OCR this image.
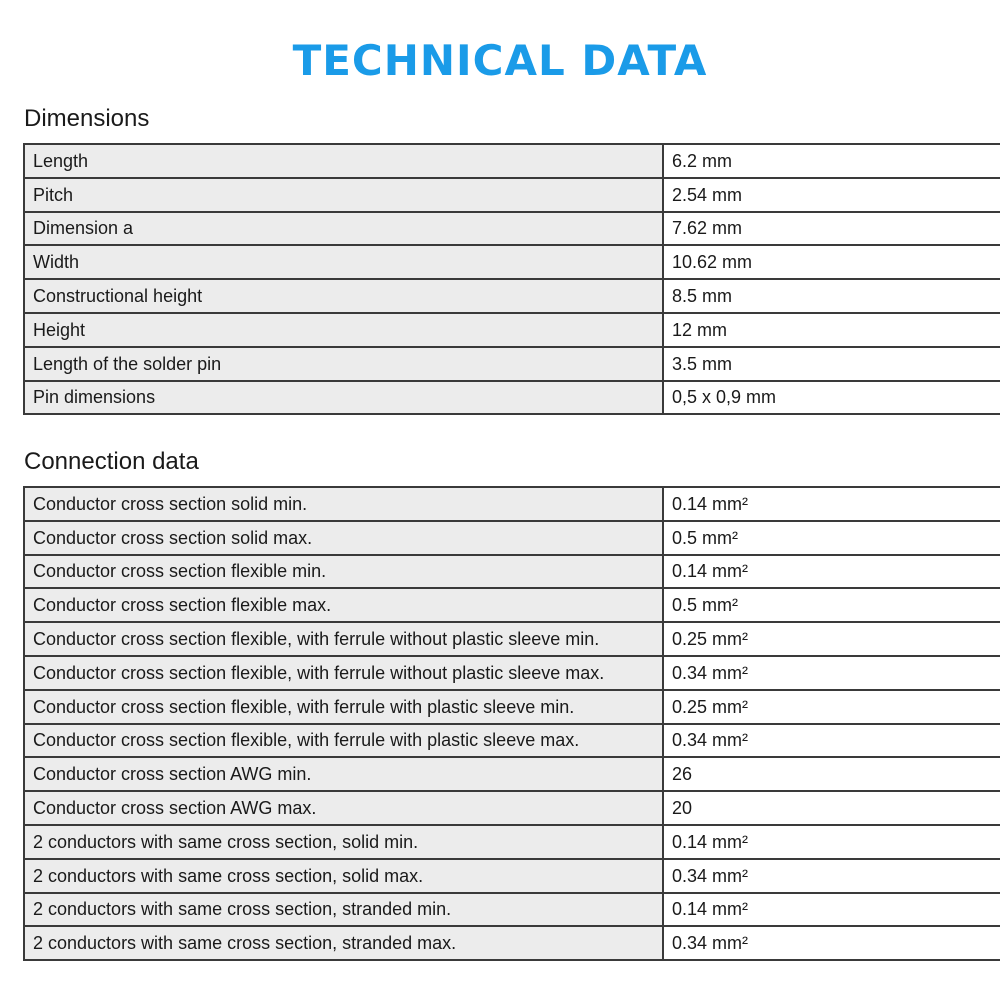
TECHNICAL DATA
Dimensions
Length	6.2 mm
Pitch	2.54 mm
Dimension a	7.62 mm
Width	10.62 mm
Constructional height	8.5 mm
Height	12 mm
Length of the solder pin	3.5 mm
Pin dimensions	0,5 x 0,9 mm
Connection data
Conductor cross section solid min.	0.14 mm²
Conductor cross section solid max.	0.5 mm²
Conductor cross section flexible min.	0.14 mm²
Conductor cross section flexible max.	0.5 mm²
Conductor cross section flexible, with ferrule without plastic sleeve min.	0.25 mm²
Conductor cross section flexible, with ferrule without plastic sleeve max.	0.34 mm²
Conductor cross section flexible, with ferrule with plastic sleeve min.	0.25 mm²
Conductor cross section flexible, with ferrule with plastic sleeve max.	0.34 mm²
Conductor cross section AWG min.	26
Conductor cross section AWG max.	20
2 conductors with same cross section, solid min.	0.14 mm²
2 conductors with same cross section, solid max.	0.34 mm²
2 conductors with same cross section, stranded min.	0.14 mm²
2 conductors with same cross section, stranded max.	0.34 mm²
